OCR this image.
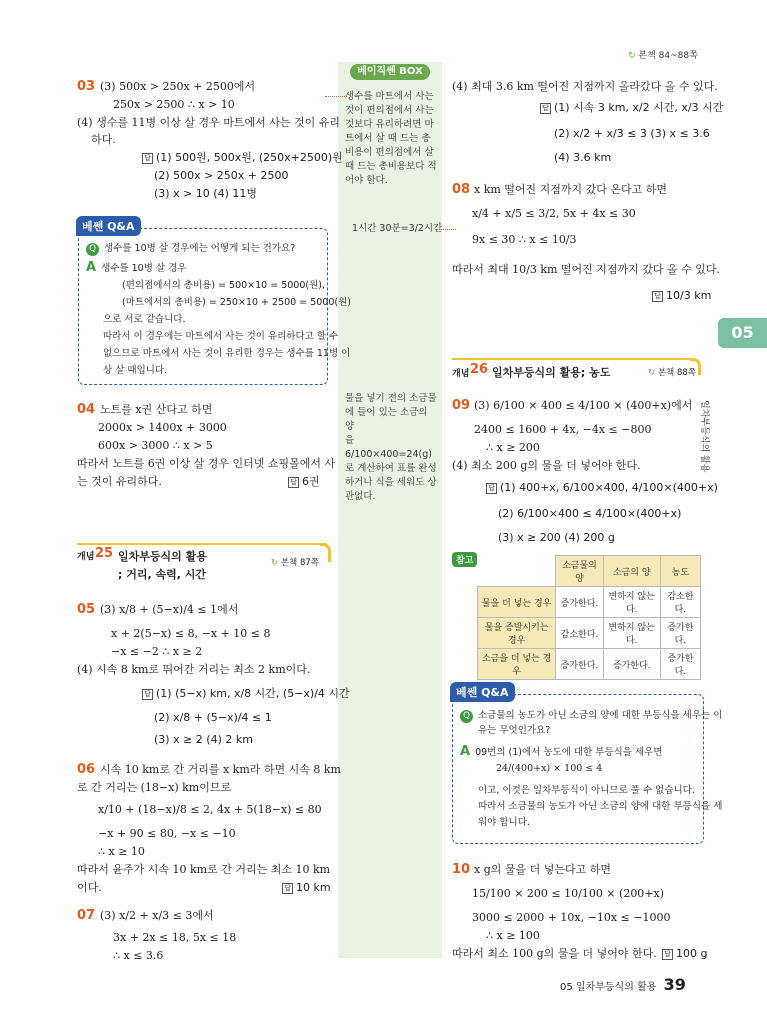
↻ 본책 84~88쪽
베이직쎈 BOX
생수를 마트에서 사는
것이 편의점에서 사는
것보다 유리하려면 마
트에서 살 때 드는 총
비용이 편의점에서 살
때 드는 총비용보다 적
어야 한다.
1시간 30분=3/2시간
물을 넣기 전의 소금물
에 들어 있는 소금의 양
을 6/100×400=24(g)
로 계산하여 표를 완성
하거나 식을 세워도 상
관없다.
03 (3) 500x > 250x + 2500에서
250x > 2500 ∴ x > 10
(4) 생수를 11병 이상 살 경우 마트에서 사는 것이 유리
하다.
답 (1) 500원, 500x원, (250x+2500)원
(2) 500x > 250x + 2500
(3) x > 10 (4) 11병
베쎈 Q&A
Q 생수를 10병 살 경우에는 어떻게 되는 건가요?
A 생수를 10병 살 경우
(편의점에서의 총비용) = 500×10 = 5000(원),
(마트에서의 총비용) = 250×10 + 2500 = 5000(원)
으로 서로 같습니다.
따라서 이 경우에는 마트에서 사는 것이 유리하다고 할 수
없으므로 마트에서 사는 것이 유리한 경우는 생수를 11병 이
상 살 때입니다.
04 노트를 x권 산다고 하면
2000x > 1400x + 3000
600x > 3000 ∴ x > 5
따라서 노트를 6권 이상 살 경우 인터넷 쇼핑몰에서 사
는 것이 유리하다.	답 6권
개념 25 일차부등식의 활용
; 거리, 속력, 시간
↻ 본책 87쪽
05 (3) x/8 + (5−x)/4 ≤ 1에서
x + 2(5−x) ≤ 8, −x + 10 ≤ 8
−x ≤ −2 ∴ x ≥ 2
(4) 시속 8 km로 뛰어간 거리는 최소 2 km이다.
답 (1) (5−x) km, x/8 시간, (5−x)/4 시간
(2) x/8 + (5−x)/4 ≤ 1
(3) x ≥ 2 (4) 2 km
06 시속 10 km로 간 거리를 x km라 하면 시속 8 km
로 간 거리는 (18−x) km이므로
x/10 + (18−x)/8 ≤ 2, 4x + 5(18−x) ≤ 80
−x + 90 ≤ 80, −x ≤ −10
∴ x ≥ 10
따라서 윤주가 시속 10 km로 간 거리는 최소 10 km
이다.	답 10 km
07 (3) x/2 + x/3 ≤ 3에서
3x + 2x ≤ 18, 5x ≤ 18
∴ x ≤ 3.6
(4) 최대 3.6 km 떨어진 지점까지 올라갔다 올 수 있다.
답 (1) 시속 3 km, x/2 시간, x/3 시간
(2) x/2 + x/3 ≤ 3 (3) x ≤ 3.6
(4) 3.6 km
08 x km 떨어진 지점까지 갔다 온다고 하면
x/4 + x/5 ≤ 3/2, 5x + 4x ≤ 30
9x ≤ 30 ∴ x ≤ 10/3
따라서 최대 10/3 km 떨어진 지점까지 갔다 올 수 있다.
답 10/3 km
05
일차부등식의 활용
개념 26 일차부등식의 활용; 농도	↻ 본책 88쪽
09 (3) 6/100 × 400 ≤ 4/100 × (400+x)에서
2400 ≤ 1600 + 4x, −4x ≤ −800
∴ x ≥ 200
(4) 최소 200 g의 물을 더 넣어야 한다.
답 (1) 400+x, 6/100×400, 4/100×(400+x)
(2) 6/100×400 ≤ 4/100×(400+x)
(3) x ≥ 200 (4) 200 g
참고
		소금물의 양	소금의 양	농도
물을 더 넣는 경우	증가한다.	변하지 않는다.	감소한다.
물을 증발시키는 경우	감소한다.	변하지 않는다.	증가한다.
소금을 더 넣는 경우	증가한다.	증가한다.	증가한다.
베쎈 Q&A
Q 소금물의 농도가 아닌 소금의 양에 대한 부등식을 세우는 이
유는 무엇인가요?
A 09번의 (1)에서 농도에 대한 부등식을 세우면
24/(400+x) × 100 ≤ 4
이고, 이것은 일차부등식이 아니므로 풀 수 없습니다.
따라서 소금물의 농도가 아닌 소금의 양에 대한 부등식을 세
워야 합니다.
10 x g의 물을 더 넣는다고 하면
15/100 × 200 ≤ 10/100 × (200+x)
3000 ≤ 2000 + 10x, −10x ≤ −1000
∴ x ≥ 100
따라서 최소 100 g의 물을 더 넣어야 한다.	답 100 g
05 일차부등식의 활용 39
